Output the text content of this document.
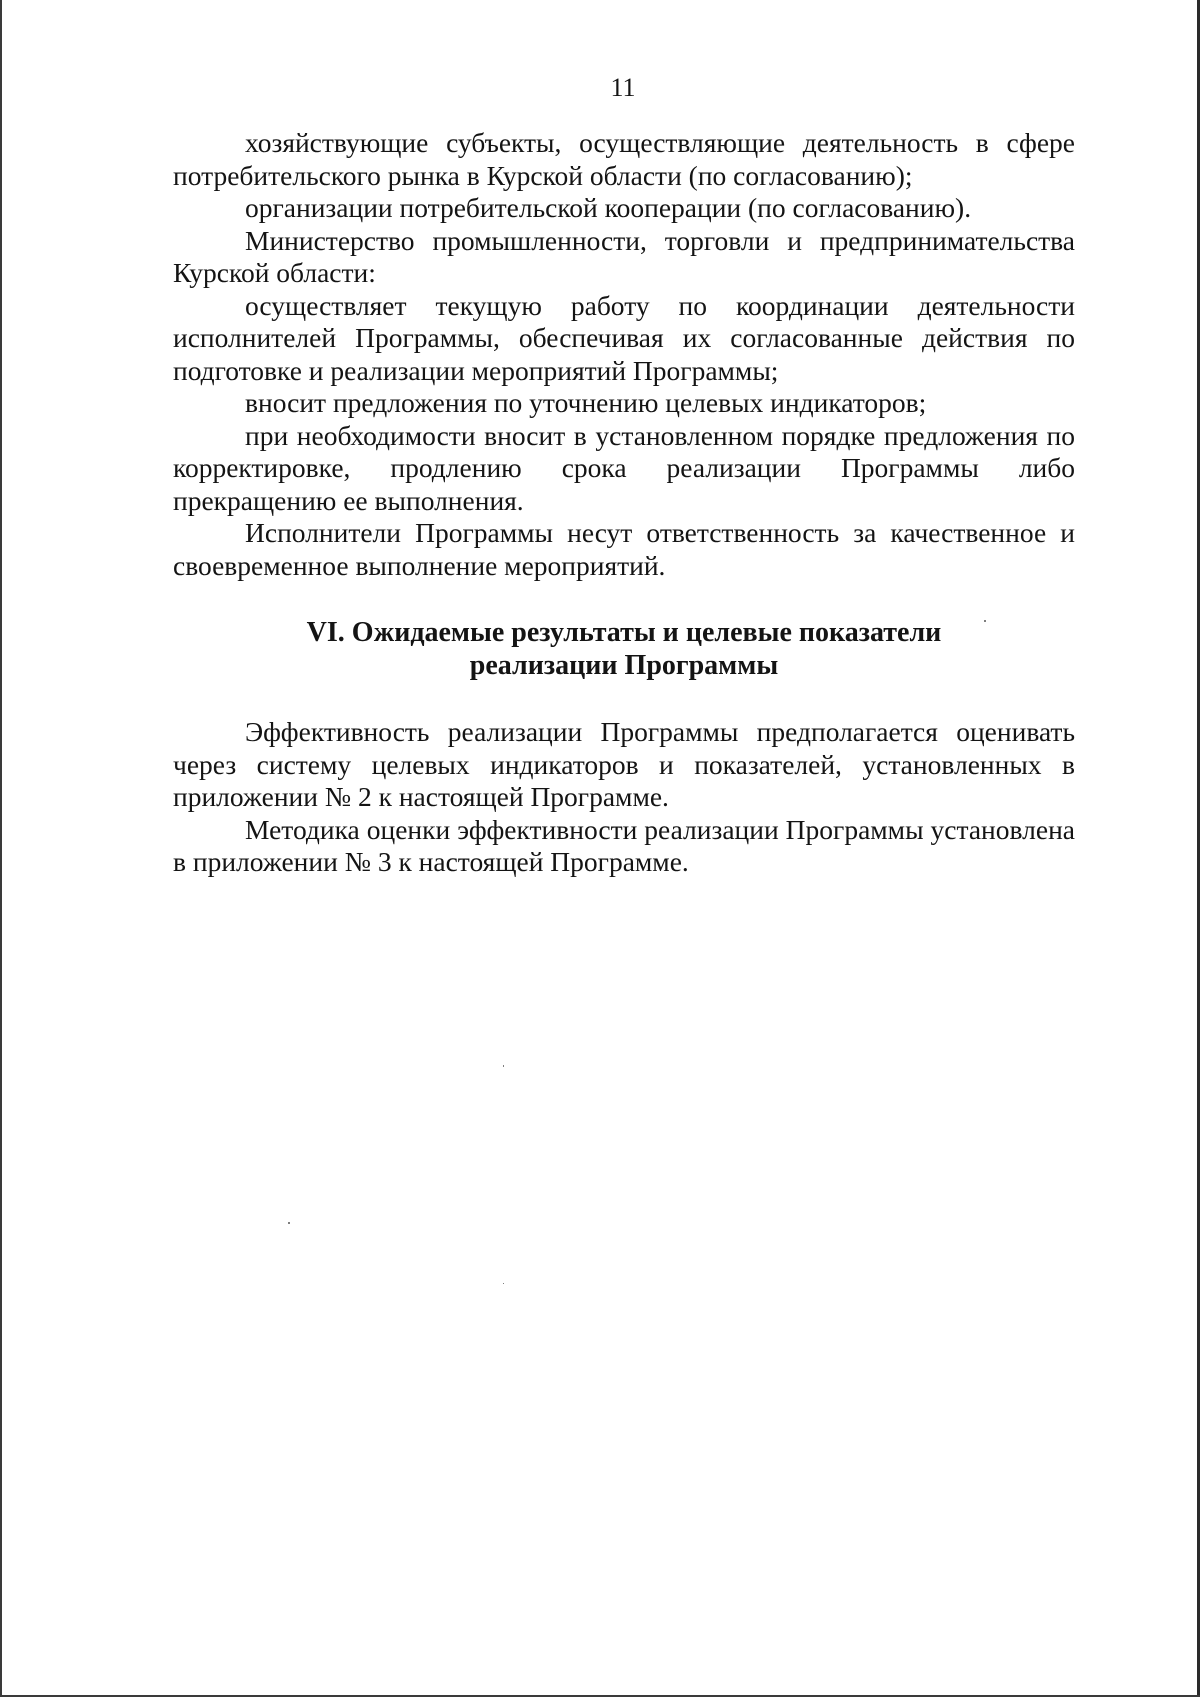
11

хозяйствующие субъекты, осуществляющие деятельность в сфере потребительского рынка в Курской области (по согласованию);

организации потребительской кооперации (по согласованию).

Министерство промышленности, торговли и предпринимательства Курской области:

осуществляет текущую работу по координации деятельности исполнителей Программы, обеспечивая их согласованные действия по подготовке и реализации мероприятий Программы;

вносит предложения по уточнению целевых индикаторов;

при необходимости вносит в установленном порядке предложения по корректировке, продлению срока реализации Программы либо прекращению ее выполнения.

Исполнители Программы несут ответственность за качественное и своевременное выполнение мероприятий.

VI. Ожидаемые результаты и целевые показатели
реализации Программы

Эффективность реализации Программы предполагается оценивать через систему целевых индикаторов и показателей, установленных в приложении № 2 к настоящей Программе.

Методика оценки эффективности реализации Программы установлена в приложении № 3 к настоящей Программе.
